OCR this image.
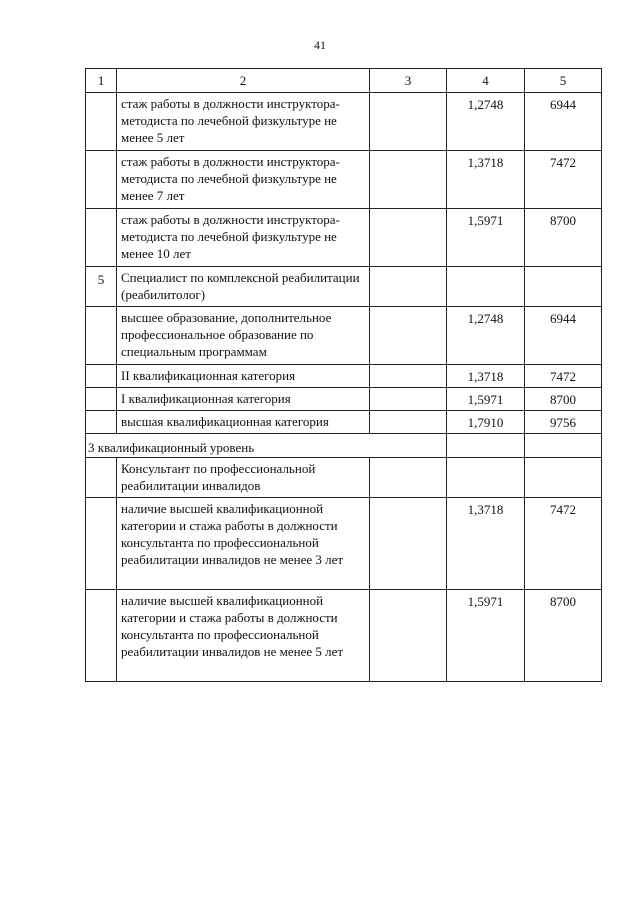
41
1	2	3	4	5
	стаж работы в должности инструктора-методиста по лечебной физкультуре не менее 5 лет		1,2748	6944
	стаж работы в должности инструктора-методиста по лечебной физкультуре не менее 7 лет		1,3718	7472
	стаж работы в должности инструктора-методиста по лечебной физкультуре не менее 10 лет		1,5971	8700
5	Специалист по комплексной реабилитации (реабилитолог)			
	высшее образование, дополнительное профессиональное образование по специальным программам		1,2748	6944
	II квалификационная категория		1,3718	7472
	I квалификационная категория		1,5971	8700
	высшая квалификационная категория		1,7910	9756
3 квалификационный уровень				
	Консультант по профессиональной реабилитации инвалидов			
	наличие высшей квалификационной категории и стажа работы в должности консультанта по профессиональной реабилитации инвалидов не менее 3 лет		1,3718	7472
	наличие высшей квалификационной категории и стажа работы в должности консультанта по профессиональной реабилитации инвалидов не менее 5 лет		1,5971	8700
